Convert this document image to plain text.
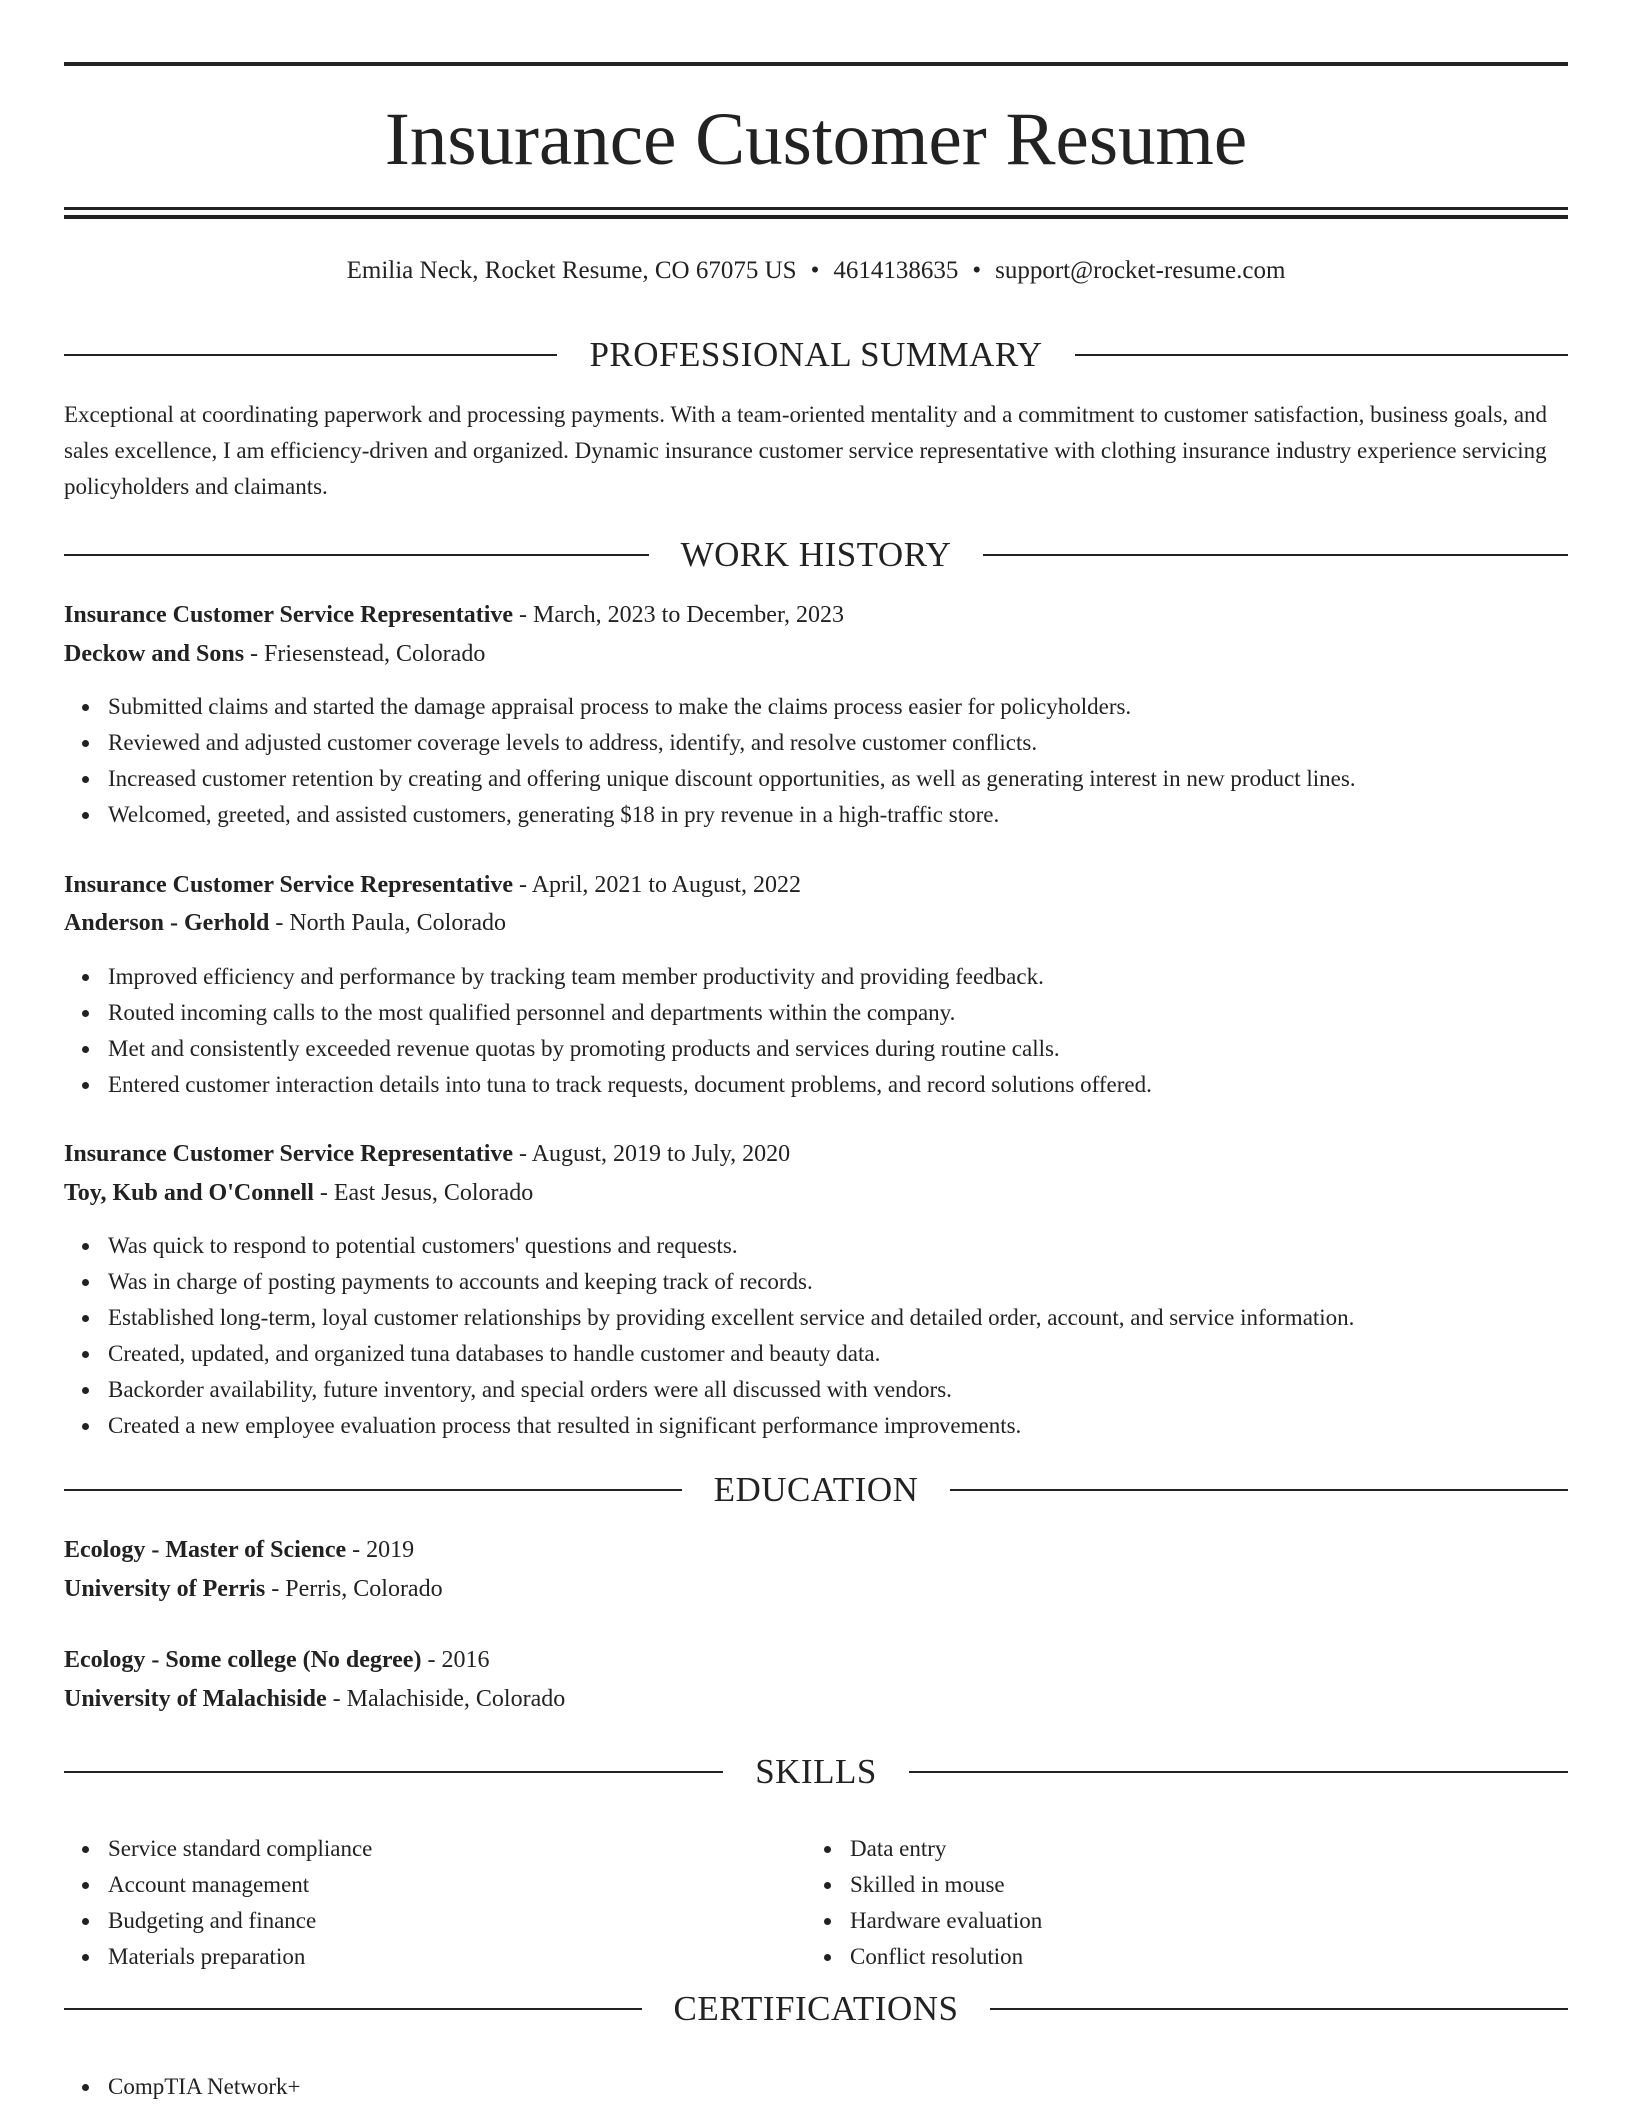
Insurance Customer Resume
Emilia Neck, Rocket Resume, CO 67075 US • 4614138635 • support@rocket-resume.com
PROFESSIONAL SUMMARY
Exceptional at coordinating paperwork and processing payments. With a team-oriented mentality and a commitment to customer satisfaction, business goals, and sales excellence, I am efficiency-driven and organized. Dynamic insurance customer service representative with clothing insurance industry experience servicing policyholders and claimants.
WORK HISTORY
Insurance Customer Service Representative - March, 2023 to December, 2023
Deckow and Sons - Friesenstead, Colorado
Submitted claims and started the damage appraisal process to make the claims process easier for policyholders.
Reviewed and adjusted customer coverage levels to address, identify, and resolve customer conflicts.
Increased customer retention by creating and offering unique discount opportunities, as well as generating interest in new product lines.
Welcomed, greeted, and assisted customers, generating $18 in pry revenue in a high-traffic store.
Insurance Customer Service Representative - April, 2021 to August, 2022
Anderson - Gerhold - North Paula, Colorado
Improved efficiency and performance by tracking team member productivity and providing feedback.
Routed incoming calls to the most qualified personnel and departments within the company.
Met and consistently exceeded revenue quotas by promoting products and services during routine calls.
Entered customer interaction details into tuna to track requests, document problems, and record solutions offered.
Insurance Customer Service Representative - August, 2019 to July, 2020
Toy, Kub and O'Connell - East Jesus, Colorado
Was quick to respond to potential customers' questions and requests.
Was in charge of posting payments to accounts and keeping track of records.
Established long-term, loyal customer relationships by providing excellent service and detailed order, account, and service information.
Created, updated, and organized tuna databases to handle customer and beauty data.
Backorder availability, future inventory, and special orders were all discussed with vendors.
Created a new employee evaluation process that resulted in significant performance improvements.
EDUCATION
Ecology - Master of Science - 2019
University of Perris - Perris, Colorado
Ecology - Some college (No degree) - 2016
University of Malachiside - Malachiside, Colorado
SKILLS
Service standard compliance
Account management
Budgeting and finance
Materials preparation
Data entry
Skilled in mouse
Hardware evaluation
Conflict resolution
CERTIFICATIONS
CompTIA Network+
